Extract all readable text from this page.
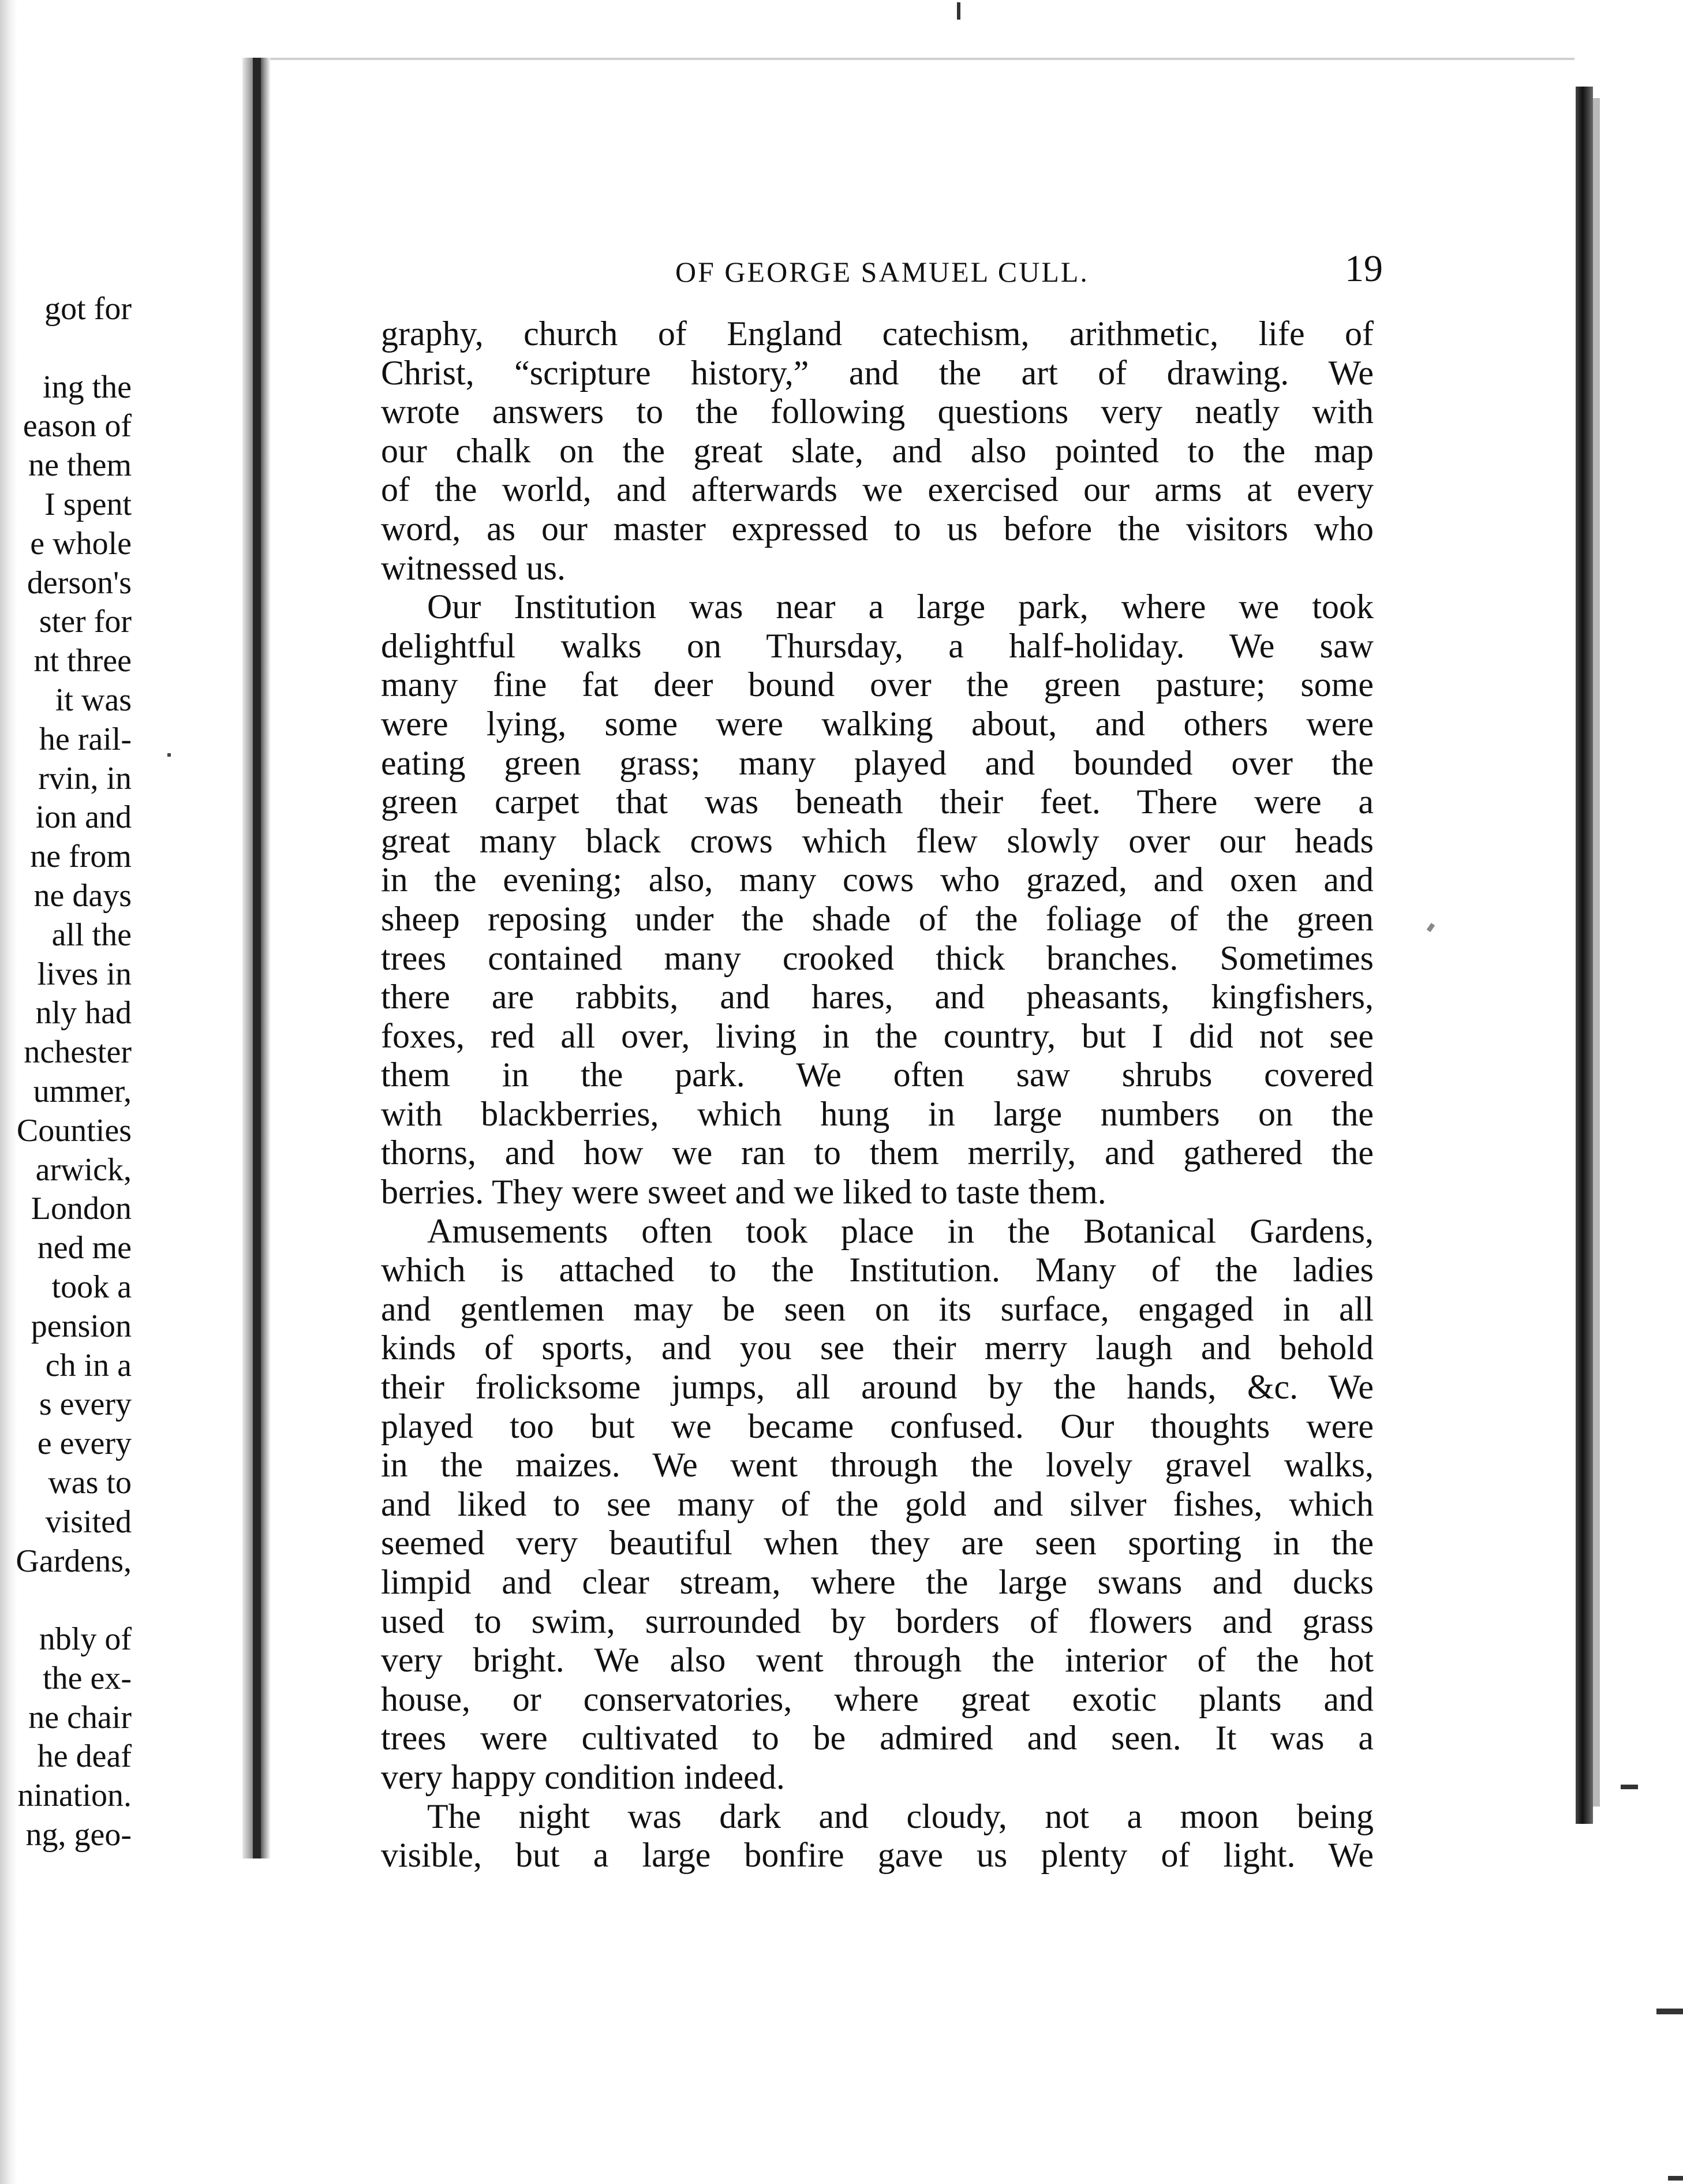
got for
ing the
eason of
ne them
I spent
e whole
derson's
ster for
nt three
it was
he rail-
rvin, in
ion and
ne from
ne days
all the
lives in
nly had
nchester
ummer,
Counties
arwick,
London
ned me
took a
pension
ch in a
s every
e every
was to
visited
Gardens,
nbly of
the ex-
ne chair
he deaf
nination.
ng, geo-
OF GEORGE SAMUEL CULL.	19
graphy, church of England catechism, arithmetic, life of
Christ, “scripture history,” and the art of drawing. We
wrote answers to the following questions very neatly with
our chalk on the great slate, and also pointed to the map
of the world, and afterwards we exercised our arms at every
word, as our master expressed to us before the visitors who
witnessed us.
Our Institution was near a large park, where we took
delightful walks on Thursday, a half-holiday. We saw
many fine fat deer bound over the green pasture; some
were lying, some were walking about, and others were
eating green grass; many played and bounded over the
green carpet that was beneath their feet. There were a
great many black crows which flew slowly over our heads
in the evening; also, many cows who grazed, and oxen and
sheep reposing under the shade of the foliage of the green
trees contained many crooked thick branches. Sometimes
there are rabbits, and hares, and pheasants, kingfishers,
foxes, red all over, living in the country, but I did not see
them in the park. We often saw shrubs covered
with blackberries, which hung in large numbers on the
thorns, and how we ran to them merrily, and gathered the
berries. They were sweet and we liked to taste them.
Amusements often took place in the Botanical Gardens,
which is attached to the Institution. Many of the ladies
and gentlemen may be seen on its surface, engaged in all
kinds of sports, and you see their merry laugh and behold
their frolicksome jumps, all around by the hands, &c. We
played too but we became confused. Our thoughts were
in the maizes. We went through the lovely gravel walks,
and liked to see many of the gold and silver fishes, which
seemed very beautiful when they are seen sporting in the
limpid and clear stream, where the large swans and ducks
used to swim, surrounded by borders of flowers and grass
very bright. We also went through the interior of the hot
house, or conservatories, where great exotic plants and
trees were cultivated to be admired and seen. It was a
very happy condition indeed.
The night was dark and cloudy, not a moon being
visible, but a large bonfire gave us plenty of light. We
